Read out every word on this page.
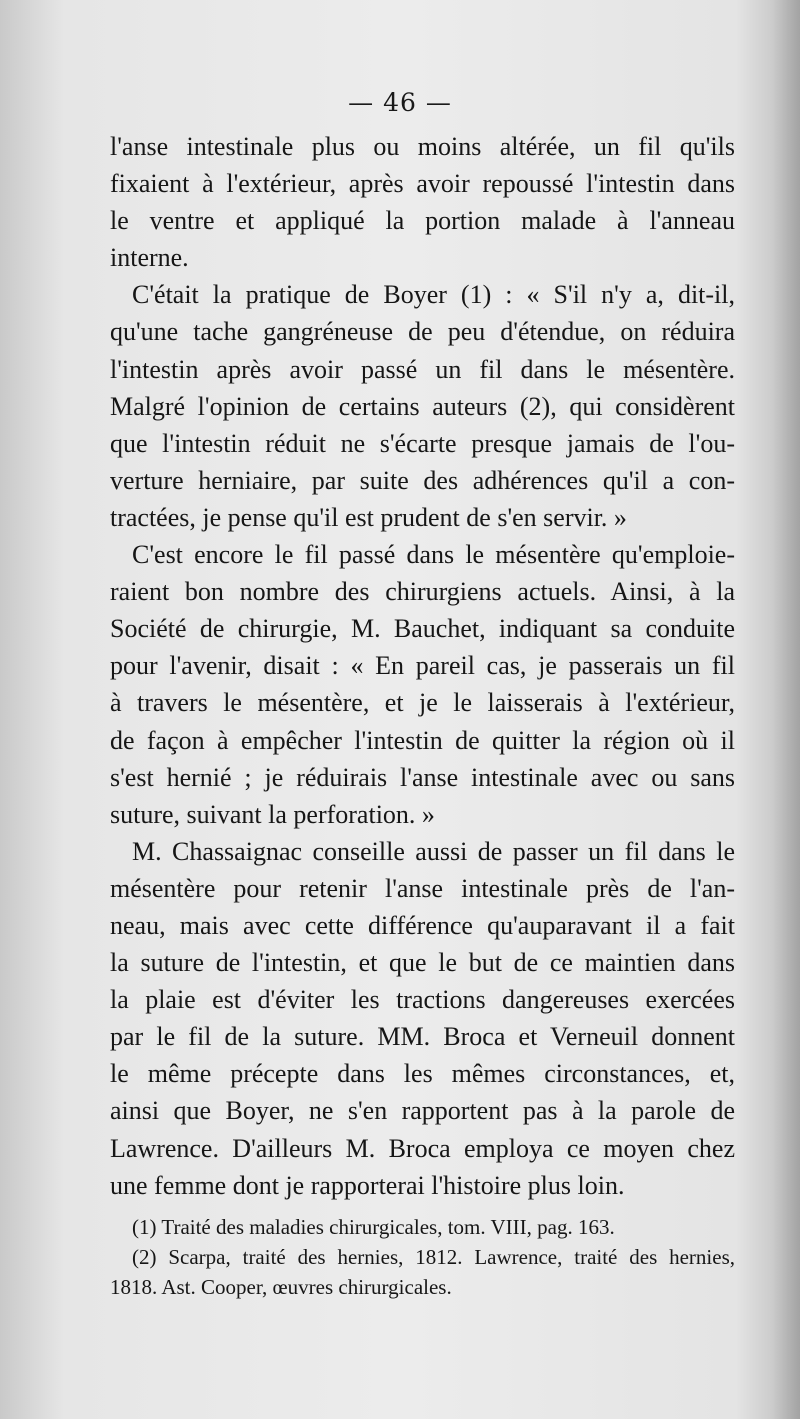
— 46 —
l'anse intestinale plus ou moins altérée, un fil qu'ils
fixaient à l'extérieur, après avoir repoussé l'intestin dans
le ventre et appliqué la portion malade à l'anneau
interne.
C'était la pratique de Boyer (1) : « S'il n'y a, dit-il,
qu'une tache gangréneuse de peu d'étendue, on réduira
l'intestin après avoir passé un fil dans le mésentère.
Malgré l'opinion de certains auteurs (2), qui considèrent
que l'intestin réduit ne s'écarte presque jamais de l'ou-
verture herniaire, par suite des adhérences qu'il a con-
tractées, je pense qu'il est prudent de s'en servir. »
C'est encore le fil passé dans le mésentère qu'emploie-
raient bon nombre des chirurgiens actuels. Ainsi, à la
Société de chirurgie, M. Bauchet, indiquant sa conduite
pour l'avenir, disait : « En pareil cas, je passerais un fil
à travers le mésentère, et je le laisserais à l'extérieur,
de façon à empêcher l'intestin de quitter la région où il
s'est hernié ; je réduirais l'anse intestinale avec ou sans
suture, suivant la perforation. »
M. Chassaignac conseille aussi de passer un fil dans le
mésentère pour retenir l'anse intestinale près de l'an-
neau, mais avec cette différence qu'auparavant il a fait
la suture de l'intestin, et que le but de ce maintien dans
la plaie est d'éviter les tractions dangereuses exercées
par le fil de la suture. MM. Broca et Verneuil donnent
le même précepte dans les mêmes circonstances, et,
ainsi que Boyer, ne s'en rapportent pas à la parole de
Lawrence. D'ailleurs M. Broca employa ce moyen chez
une femme dont je rapporterai l'histoire plus loin.
(1) Traité des maladies chirurgicales, tom. VIII, pag. 163.
(2) Scarpa, traité des hernies, 1812. Lawrence, traité des hernies,
1818. Ast. Cooper, œuvres chirurgicales.
